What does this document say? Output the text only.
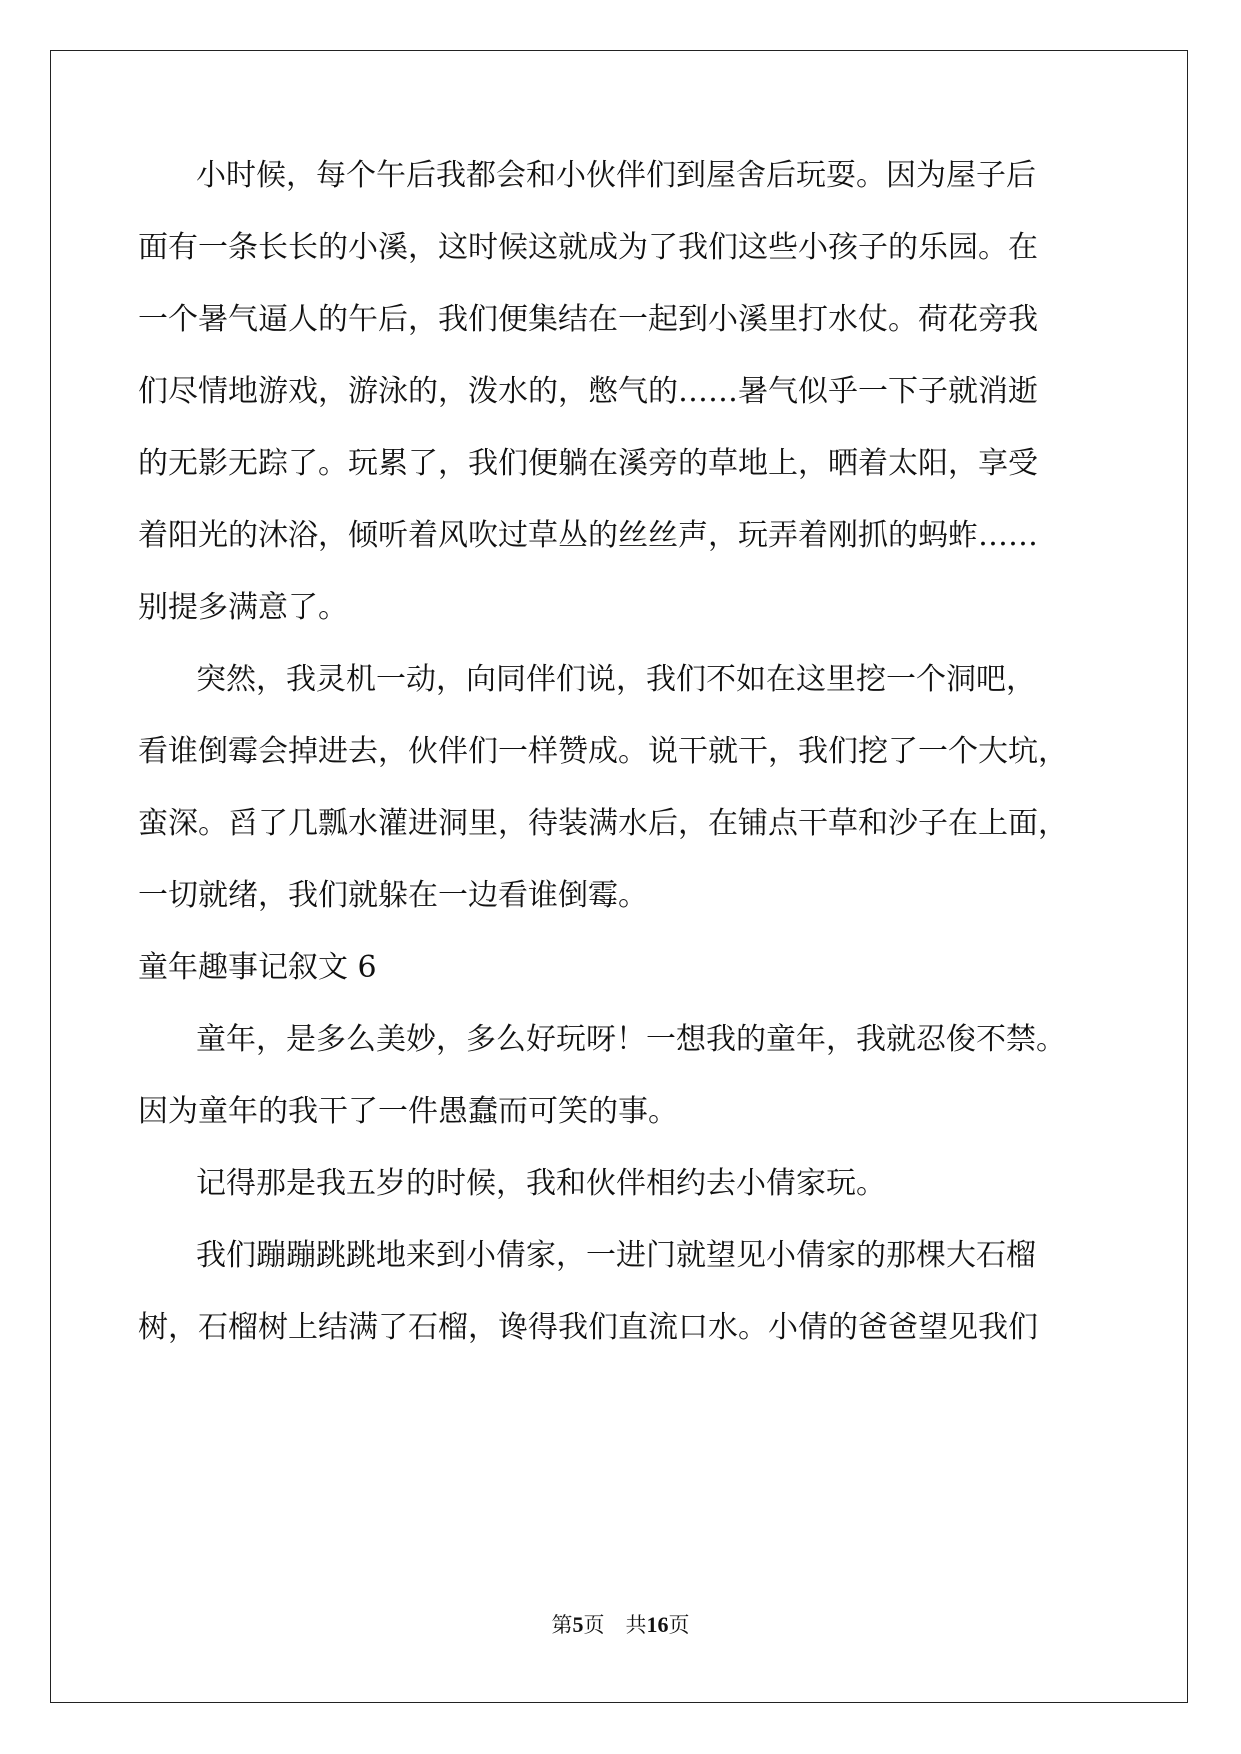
小时候，每个午后我都会和小伙伴们到屋舍后玩耍。因为屋子后

面有一条长长的小溪，这时候这就成为了我们这些小孩子的乐园。在

一个暑气逼人的午后，我们便集结在一起到小溪里打水仗。荷花旁我

们尽情地游戏，游泳的，泼水的，憋气的……暑气似乎一下子就消逝

的无影无踪了。玩累了，我们便躺在溪旁的草地上，晒着太阳，享受

着阳光的沐浴，倾听着风吹过草丛的丝丝声，玩弄着刚抓的蚂蚱……

别提多满意了。

突然，我灵机一动，向同伴们说，我们不如在这里挖一个洞吧，

看谁倒霉会掉进去，伙伴们一样赞成。说干就干，我们挖了一个大坑，

蛮深。舀了几瓢水灌进洞里，待装满水后，在铺点干草和沙子在上面，

一切就绪，我们就躲在一边看谁倒霉。

童年趣事记叙文 6

童年，是多么美妙，多么好玩呀！一想我的童年，我就忍俊不禁。

因为童年的我干了一件愚蠢而可笑的事。

记得那是我五岁的时候，我和伙伴相约去小倩家玩。

我们蹦蹦跳跳地来到小倩家，一进门就望见小倩家的那棵大石榴

树，石榴树上结满了石榴，谗得我们直流口水。小倩的爸爸望见我们

第5页 共16页
